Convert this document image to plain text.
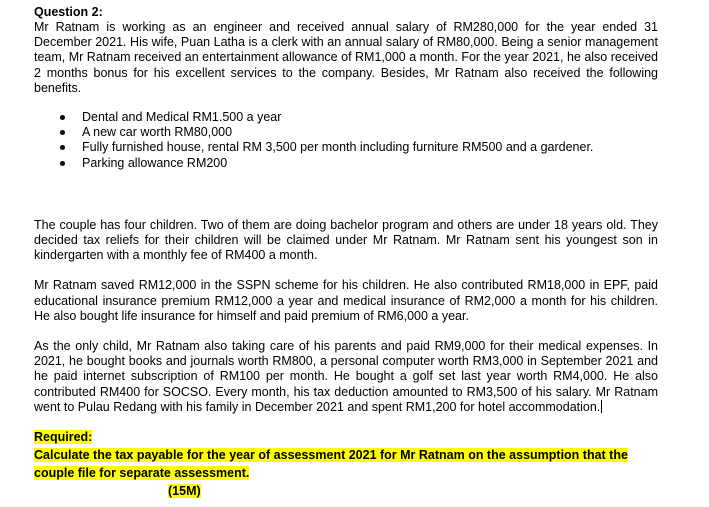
Question 2:

Mr Ratnam is working as an engineer and received annual salary of RM280,000 for the year ended 31 December 2021. His wife, Puan Latha is a clerk with an annual salary of RM80,000. Being a senior management team, Mr Ratnam received an entertainment allowance of RM1,000 a month. For the year 2021, he also received 2 months bonus for his excellent services to the company. Besides, Mr Ratnam also received the following benefits.

Dental and Medical RM1.500 a year
A new car worth RM80,000
Fully furnished house, rental RM 3,500 per month including furniture RM500 and a gardener.
Parking allowance RM200

The couple has four children. Two of them are doing bachelor program and others are under 18 years old. They decided tax reliefs for their children will be claimed under Mr Ratnam. Mr Ratnam sent his youngest son in kindergarten with a monthly fee of RM400 a month.

Mr Ratnam saved RM12,000 in the SSPN scheme for his children. He also contributed RM18,000 in EPF, paid educational insurance premium RM12,000 a year and medical insurance of RM2,000 a month for his children. He also bought life insurance for himself and paid premium of RM6,000 a year.

As the only child, Mr Ratnam also taking care of his parents and paid RM9,000 for their medical expenses. In 2021, he bought books and journals worth RM800, a personal computer worth RM3,000 in September 2021 and he paid internet subscription of RM100 per month. He bought a golf set last year worth RM4,000. He also contributed RM400 for SOCSO. Every month, his tax deduction amounted to RM3,500 of his salary. Mr Ratnam went to Pulau Redang with his family in December 2021 and spent RM1,200 for hotel accommodation.

Required:
Calculate the tax payable for the year of assessment 2021 for Mr Ratnam on the assumption that the couple file for separate assessment.
(15M)
